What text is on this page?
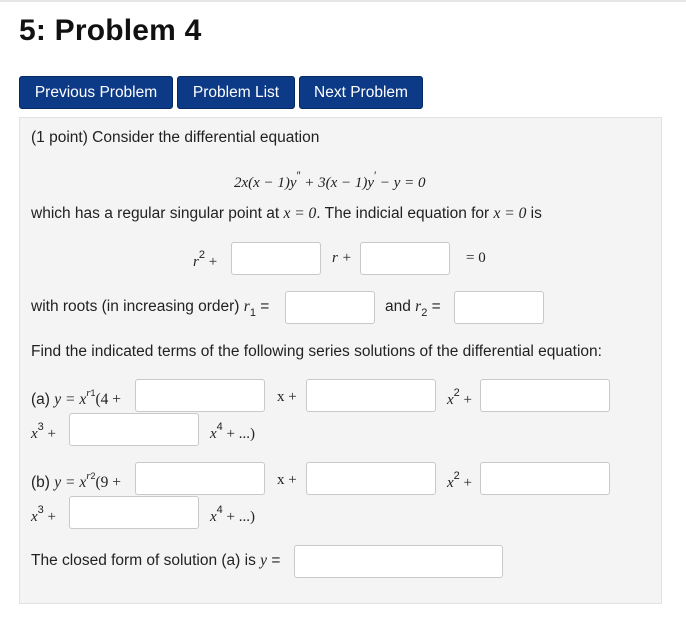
5: Problem 4
Previous Problem	Problem List	Next Problem
(1 point) Consider the differential equation
2x(x − 1)y″ + 3(x − 1)y′ − y = 0
which has a regular singular point at x = 0. The indicial equation for x = 0 is
$r^2$ +	r +	= 0
with roots (in increasing order) $r_1$ =	and $r_2$ =
Find the indicated terms of the following series solutions of the differential equation:
(a) $y = x^{r1}(4$ +	x +	$x^2$ +
$x^3$ +	$x^4$ + ...)
(b) $y = x^{r2}(9$ +	x +	$x^2$ +
$x^3$ +	$x^4$ + ...)
The closed form of solution (a) is y =
